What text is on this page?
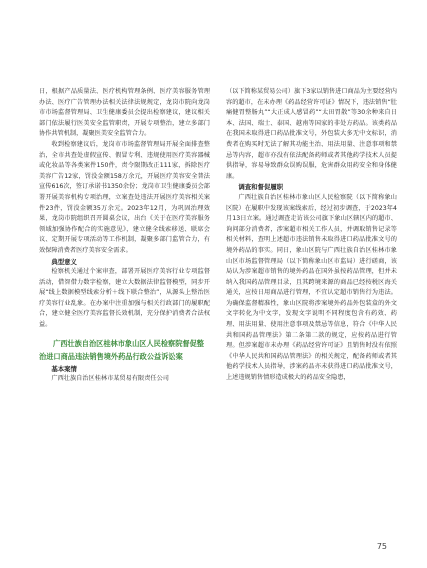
日，根据产品质量法、医疗机构管理条例、医疗美容服务管理办法、医疗广告管理办法相关法律法规规定，龙岗市院向龙岗市市场监督管理局、卫生健康委员会提出检察建议，建议相关部门依法履行医美安全监管职责，开展专项整治，建立多部门协作共管机制，凝聚医美安全监管合力。

收到检察建议后，龙岗市市场监督管理局开展全面排查整治，全市共查处虚假宣传、假冒专利、违规使用医疗美容器械或化妆品等各类案件150件，责令限期改正111家，拆除医疗美容广告12家，罚没金额158万余元，开展医疗美容安全普法宣传616次，签订承诺书1350余份；龙岗市卫生健康委员会部署开展美容机构专项治理，立案查处违法开展医疗美容相关案件23件，罚没金额35万余元。2023年12月，为巩固治理效果，龙岗市院组织召开圆桌会议，出台《关于在医疗美容服务领域加强协作配合的实施意见》，建立健全线索移送、联席会议、定期开展专项活动等工作机制，凝聚多部门监管合力，有效保障消费者医疗美容安全需求。

典型意义

检察机关通过个案审查，部署开展医疗美容行业专项监督活动，借智借力数字检察，建立大数据法律监督模型，同步开展“线上数据模型线索分析＋线下联合整治”，从源头上整治医疗美容行业乱象。在办案中注重加强与相关行政部门的履职配合，建立健全医疗美容监督长效机制，充分保护消费者合法权益。

广西壮族自治区桂林市象山区人民检察院督促整治进口商品违法销售境外药品行政公益诉讼案

基本案情

广西壮族自治区桂林市某贸易有限责任公司

（以下简称某贸易公司）旗下3家以销售进口商品为主要经营内容的超市，在未办理《药品经营许可证》情况下，违法销售“肚痛健胃整肠丸”“大正成人感冒药”“太田胃散”等30余种来自日本、法国、瑞士、泰国、越南等国家的非处方药品。该类药品在我国未取得进口药品批准文号，外包装大多无中文标识，消费者在购买时无法了解其功能主治、用法用量、注意事项和禁忌等内容，超市亦没有依法配备药师或者其他药学技术人员提供指导，容易导致群众误购误服，危害群众用药安全和身体健康。

调查和督促履职

广西壮族自治区桂林市象山区人民检察院（以下简称象山区院）在履职中发现该案线索后，经过初步调查，于2023年4月13日立案。通过调查走访该公司旗下象山区辖区内的超市、询问部分消费者，涉案超市相关工作人员，并调取销售记录等相关材料，查明上述超市违法销售未取得进口药品批准文号的境外药品的事实。同日，象山区院与广西壮族自治区桂林市象山区市场监督管理局（以下简称象山区市监局）进行磋商，该局认为涉案超市销售的境外药品在国外虽按药品管理，但并未纳入我国药品管理目录，且其跨境来源的商品已经按税区海关通关，应按日用商品进行管理，不宜认定超市销售行为违法。为确保监督精准性，象山区院将涉案境外药品外包装盒的外文文字转化为中文字，发现文字说明不同程度包含有药效、药理、用法用量、使用注意事项及禁忌等信息，符合《中华人民共和国药品管理法》第二条第二款的规定，应按药品进行管理。但涉案超市未办理《药品经营许可证》且销售时没有依照《中华人民共和国药品管理法》的相关规定，配备药师或者其他药学技术人员指导，涉案药品亦未获得进口药品批准文号，上述违规销售情形造成极大的药品安全隐患，

75
